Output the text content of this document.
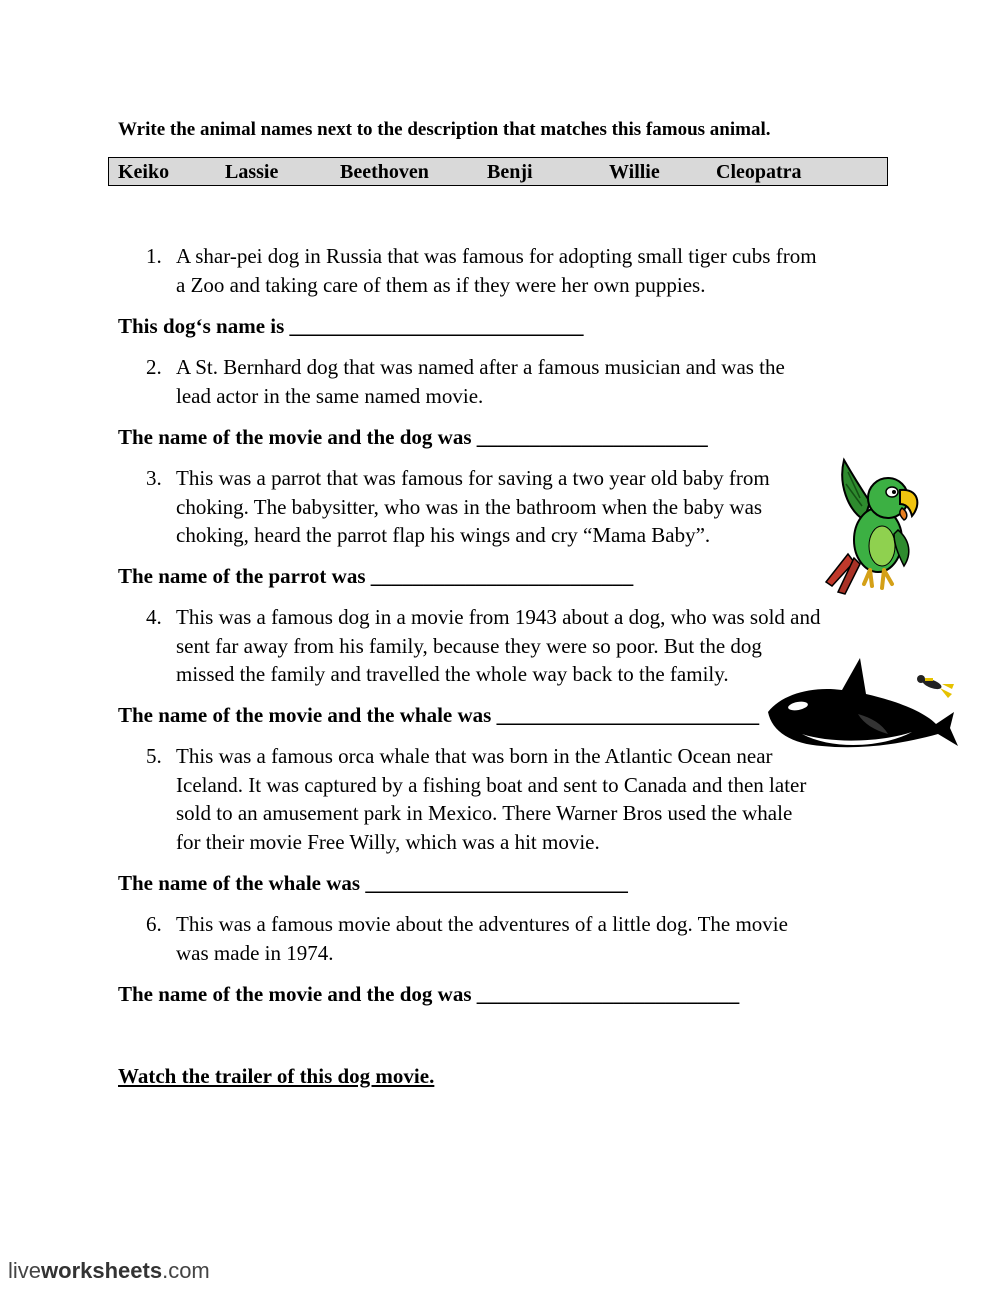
Write the animal names next to the description that matches this famous animal.
Keiko	Lassie	Beethoven	Benji	Willie	Cleopatra
1. A shar-pei dog in Russia that was famous for adopting small tiger cubs from
a Zoo and taking care of them as if they were her own puppies.
This dog‘s name is ____________________________
2. A St. Bernhard dog that was named after a famous musician and was the
lead actor in the same named movie.
The name of the movie and the dog was ______________________
3. This was a parrot that was famous for saving a two year old baby from
choking. The babysitter, who was in the bathroom when the baby was
choking, heard the parrot flap his wings and cry “Mama Baby”.
The name of the parrot was _________________________
4. This was a famous dog in a movie from 1943 about a dog, who was sold and
sent far away from his family, because they were so poor. But the dog
missed the family and travelled the whole way back to the family.
The name of the movie and the whale was _________________________
5. This was a famous orca whale that was born in the Atlantic Ocean near
Iceland. It was captured by a fishing boat and sent to Canada and then later
sold to an amusement park in Mexico. There Warner Bros used the whale
for their movie Free Willy, which was a hit movie.
The name of the whale was _________________________
6. This was a famous movie about the adventures of a little dog. The movie
was made in 1974.
The name of the movie and the dog was _________________________
Watch the trailer of this dog movie.
liveworksheets.com
